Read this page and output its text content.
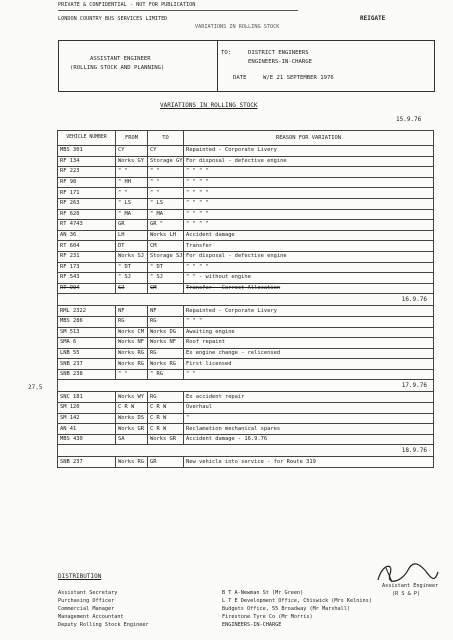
PRIVATE & CONFIDENTIAL - NOT FOR PUBLICATION
LONDON COUNTRY BUS SERVICES LIMITED
VARIATIONS IN ROLLING STOCK
REIGATE
ASSISTANT ENGINEER
(ROLLING STOCK AND PLANNING)
TO:	DISTRICT ENGINEERS
ENGINEERS-IN-CHARGE
DATE	W/E 21 SEPTEMBER 1976
VARIATIONS IN ROLLING STOCK
15.9.76
27.5
VEHICLE NUMBER	FROM	TO	REASON FOR VARIATION
MBS 301	CY	CY	Repainted - Corporate Livery
RF 134	Works GY	Storage GY	For disposal - defective engine
RF 223	" "	" "	" " " "
RF 98	" HH	" "	" " " "
RF 171	" "	" "	" " " "
RF 263	" LS	" LS	" " " "
RF 620	" MA	" MA	" " " "
RT 4743	GR	GR "	" " " "
AN 36	LH	Works LH	Accident damage
RT 604	DT	CM	Transfer
RF 231	Works SJ	Storage SJ	For disposal - defective engine
RF 173	" DT	" DT	" " " "
RF 543	" SJ	" SJ	" " - without engine
RT 994	SJ	CM	Transfer - Correct Allocation
	16.9.76		
RML 2322	NF	NF	Repainted - Corporate Livery
MBS 286	RG	RG	" " "
SM 513	Works CM	Works DG	Awaiting engine
SMA 6	Works NF	Works NF	Roof repaint
LNB 55	Works RG	RG	Ex engine change - relicensed
SNB 237	Works RG	Works RG	First licensed
SNB 238	" "	" RG	" "
	17.9.76		
SNC 181	Works WY	RG	Ex accident repair
SM 120	C R W	C R W	Overhaul
SM 142	Works DS	C R W	"
AN 41	Works GR	C R W	Reclamation mechanical spares
MBS 430	SA	Works GR	Accident damage - 16.9.76
	18.9.76		
SNB 237	Works RG	GR	New vehicle into service - for Route 319
DISTRIBUTION
Assistant Secretary
Purchasing Officer
Commercial Manager
Management Accountant
Deputy Rolling Stock Engineer
B T A-Newman St (Mr Green)
L T E Development Office, Chiswick (Mrs Kelnins)
Budgets Office, 55 Broadway (Mr Marshall)
Firestone Tyre Co (Mr Morris)
ENGINEERS-IN-CHARGE
Assistant Engineer
(R S & P)
